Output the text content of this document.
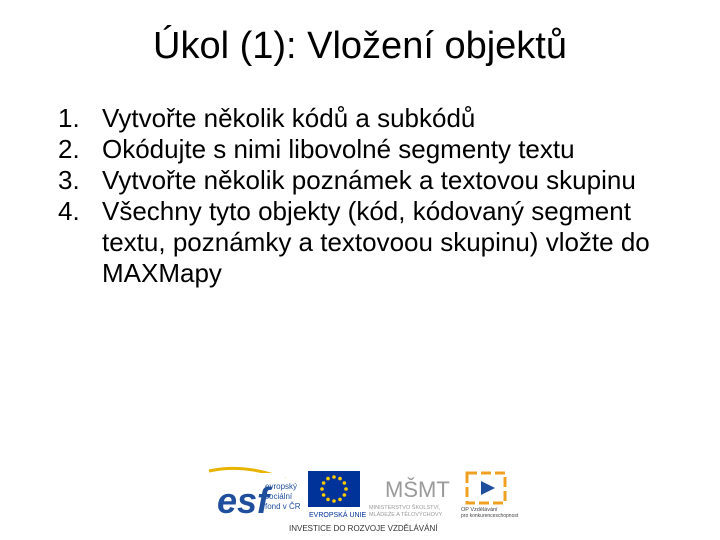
Úkol (1): Vložení objektů
1. Vytvořte několik kódů a subkódů
2. Okódujte s nimi libovolné segmenty textu
3. Vytvořte několik poznámek a textovou skupinu
4. Všechny tyto objekty (kód, kódovaný segment textu, poznámky a textovoou skupinu) vložte do MAXMapy
esf
evropský
sociální
fond v ČR
EVROPSKÁ UNIE
MŠMT
MINISTERSTVO ŠKOLSTVÍ,
MLÁDEŽE A TĚLOVÝCHOVY
OP Vzdělávání
pro konkurenceschopnost
INVESTICE DO ROZVOJE VZDĚLÁVÁNÍ
